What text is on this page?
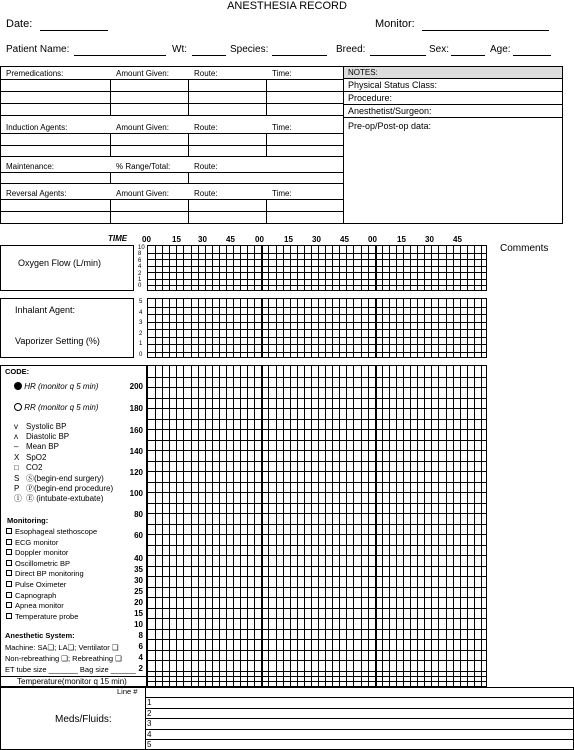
ANESTHESIA RECORD
Date:	Monitor:
Patient Name:	Wt:	Species:	Breed:	Sex:	Age:
Premedications:	Amount Given:	Route:	Time:
Induction Agents:	Amount Given:	Route:	Time:
Maintenance:	% Range/Total:	Route:
Reversal Agents:	Amount Given:	Route:	Time:
NOTES:
Physical Status Class:
Procedure:
Anesthetist/Surgeon:
Pre-op/Post-op data:
TIME 00	15 30 45	00	15 30 45 00	15 30 45
Comments
Oxygen Flow (L/min)
10
8
6
4
2
1
0
Inhalant Agent:
Vaporizer Setting (%)
5
4
3
2
1
0
CODE:
HR (monitor q 5 min)
RR (monitor q 5 min)
v Systolic BP
ʌ Diastolic BP
– Mean BP
X SpO2
□ CO2
S Ⓢ(begin-end surgery)
P Ⓟ(begin-end procedure)
Ⓘ Ⓔ (intubate-extubate)
Monitoring:
Esophageal stethoscope
ECG monitor
Doppler monitor
Oscillometric BP
Direct BP monitoring
Pulse Oximeter
Capnograph
Apnea monitor
Temperature probe
Anesthetic System:
Machine: SA❑; LA❑; Ventilator ❑
Non-rebreathing ❑; Rebreathing ❑
ET tube size _______ Bag size ______
200
180
160
140
120
100
80
60
40
35
30
25
20
15
10
8
6
4
2
Temperature(monitor q 15 min)
Line #
Meds/Fluids:
1
2
3
4
5
